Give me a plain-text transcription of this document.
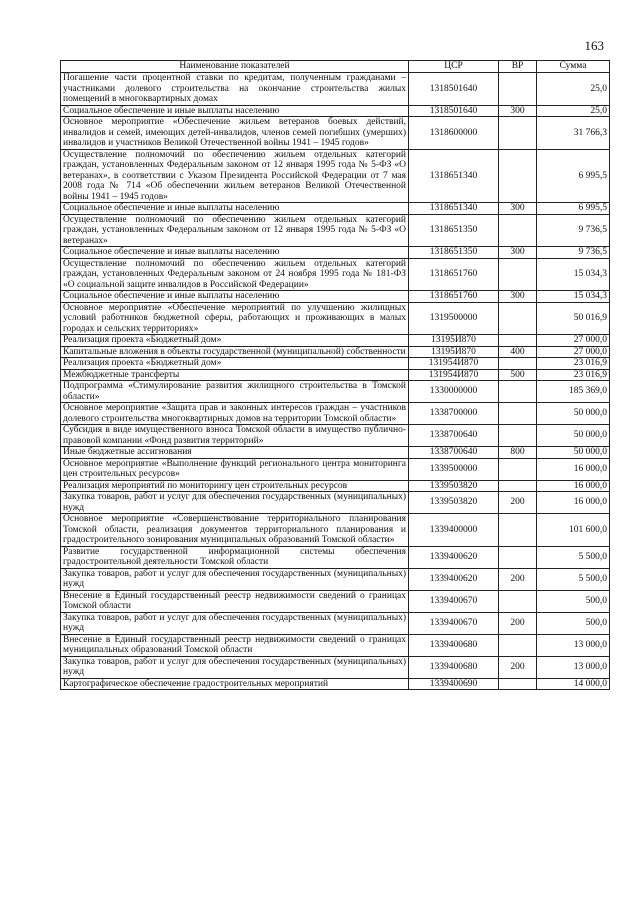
163
Наименование показателей	ЦСР	ВР	Сумма
Погашение части процентной ставки по кредитам, полученным гражданами – участниками долевого строительства на окончание строительства жилых помещений в многоквартирных домах	1318501640		25,0
Социальное обеспечение и иные выплаты населению	1318501640	300	25,0
Основное мероприятие «Обеспечение жильем ветеранов боевых действий, инвалидов и семей, имеющих детей-инвалидов, членов семей погибших (умерших) инвалидов и участников Великой Отечественной войны 1941 – 1945 годов»	1318600000		31 766,3
Осуществление полномочий по обеспечению жильем отдельных категорий граждан, установленных Федеральным законом от 12 января 1995 года № 5-ФЗ «О ветеранах», в соответствии с Указом Президента Российской Федерации от 7 мая 2008 года № 714 «Об обеспечении жильем ветеранов Великой Отечественной войны 1941 – 1945 годов»	1318651340		6 995,5
Социальное обеспечение и иные выплаты населению	1318651340	300	6 995,5
Осуществление полномочий по обеспечению жильем отдельных категорий граждан, установленных Федеральным законом от 12 января 1995 года № 5-ФЗ «О ветеранах»	1318651350		9 736,5
Социальное обеспечение и иные выплаты населению	1318651350	300	9 736,5
Осуществление полномочий по обеспечению жильем отдельных категорий граждан, установленных Федеральным законом от 24 ноября 1995 года № 181-ФЗ «О социальной защите инвалидов в Российской Федерации»	1318651760		15 034,3
Социальное обеспечение и иные выплаты населению	1318651760	300	15 034,3
Основное мероприятие «Обеспечение мероприятий по улучшению жилищных условий работников бюджетной сферы, работающих и проживающих в малых городах и сельских территориях»	1319500000		50 016,9
Реализация проекта «Бюджетный дом»	13195И870		27 000,0
Капитальные вложения в объекты государственной (муниципальной) собственности	13195И870	400	27 000,0
Реализация проекта «Бюджетный дом»	131954И870		23 016,9
Межбюджетные трансферты	131954И870	500	23 016,9
Подпрограмма «Стимулирование развития жилищного строительства в Томской области»	1330000000		185 369,0
Основное мероприятие «Защита прав и законных интересов граждан – участников долевого строительства многоквартирных домов на территории Томской области»	1338700000		50 000,0
Субсидия в виде имущественного взноса Томской области в имущество публично-правовой компании «Фонд развития территорий»	1338700640		50 000,0
Иные бюджетные ассигнования	1338700640	800	50 000,0
Основное мероприятие «Выполнение функций регионального центра мониторинга цен строительных ресурсов»	1339500000		16 000,0
Реализация мероприятий по мониторингу цен строительных ресурсов	1339503820		16 000,0
Закупка товаров, работ и услуг для обеспечения государственных (муниципальных) нужд	1339503820	200	16 000,0
Основное мероприятие «Совершенствование территориального планирования Томской области, реализация документов территориального планирования и градостроительного зонирования муниципальных образований Томской области»	1339400000		101 600,0
Развитие государственной информационной системы обеспечения градостроительной деятельности Томской области	1339400620		5 500,0
Закупка товаров, работ и услуг для обеспечения государственных (муниципальных) нужд	1339400620	200	5 500,0
Внесение в Единый государственный реестр недвижимости сведений о границах Томской области	1339400670		500,0
Закупка товаров, работ и услуг для обеспечения государственных (муниципальных) нужд	1339400670	200	500,0
Внесение в Единый государственный реестр недвижимости сведений о границах муниципальных образований Томской области	1339400680		13 000,0
Закупка товаров, работ и услуг для обеспечения государственных (муниципальных) нужд	1339400680	200	13 000,0
Картографическое обеспечение градостроительных мероприятий	1339400690		14 000,0
